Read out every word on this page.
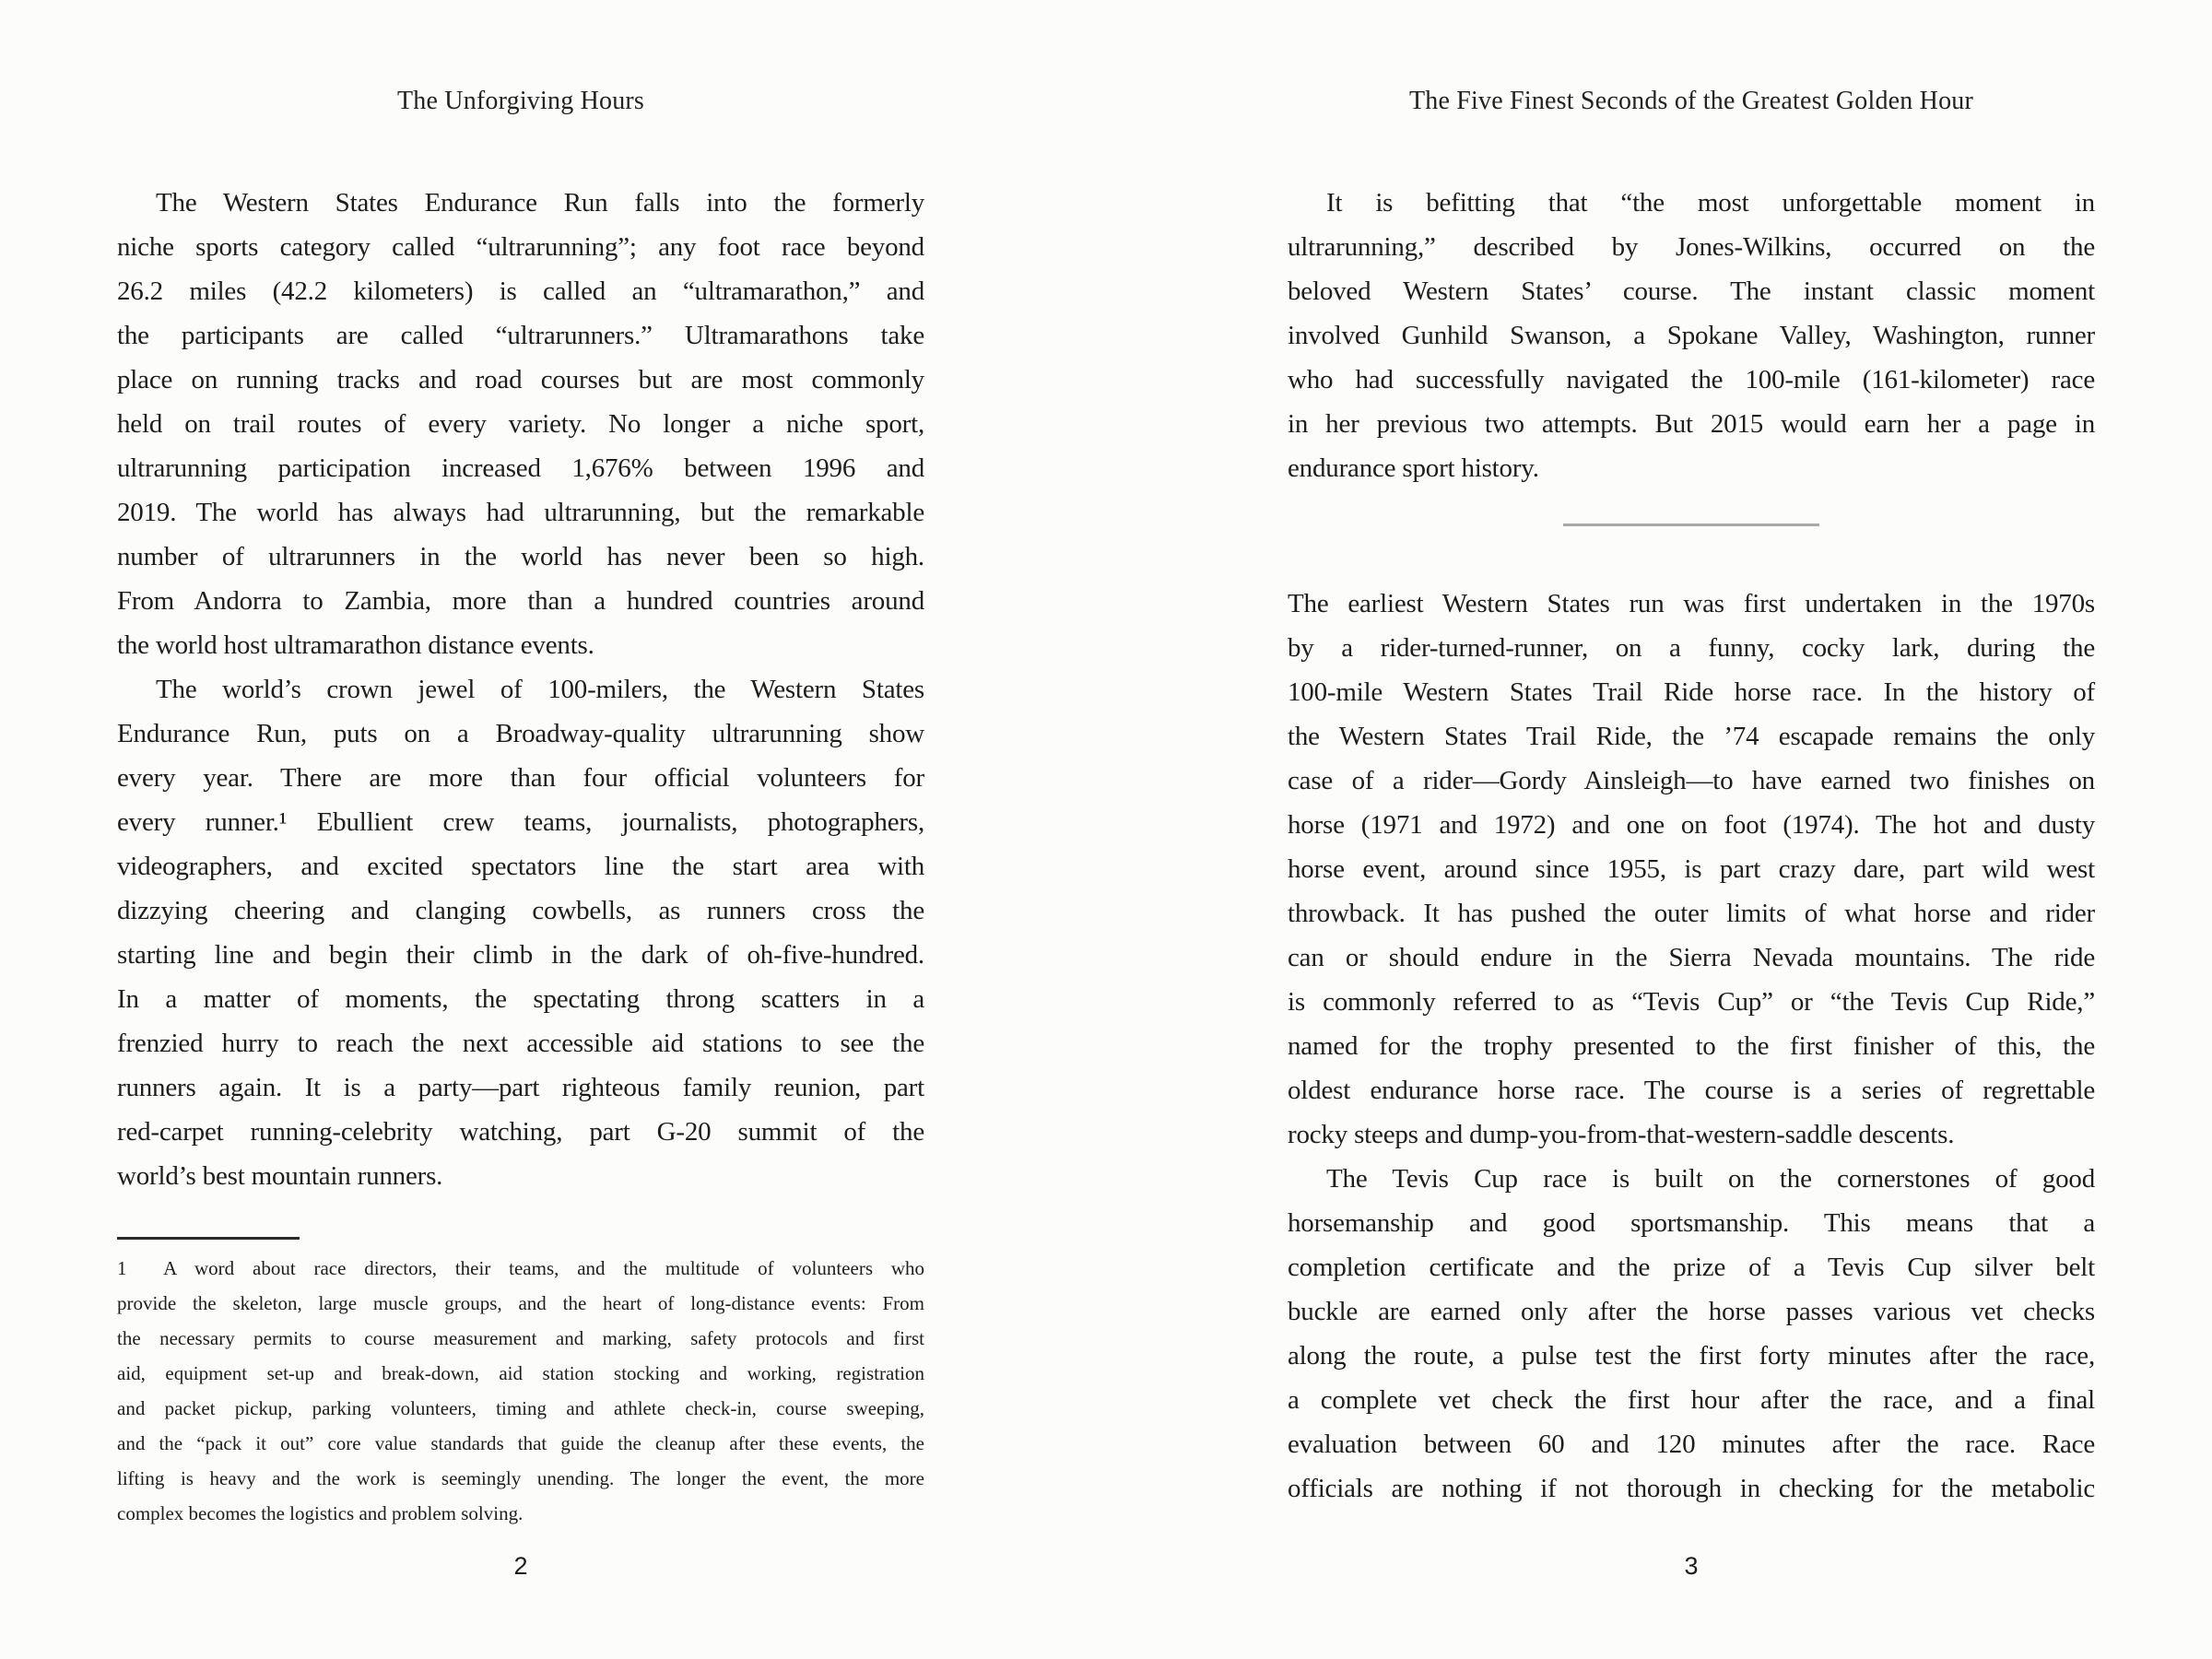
The Unforgiving Hours
The Western States Endurance Run falls into the formerly
niche sports category called “ultrarunning”; any foot race beyond
26.2 miles (42.2 kilometers) is called an “ultramarathon,” and
the participants are called “ultrarunners.” Ultramarathons take
place on running tracks and road courses but are most commonly
held on trail routes of every variety. No longer a niche sport,
ultrarunning participation increased 1,676% between 1996 and
2019. The world has always had ultrarunning, but the remarkable
number of ultrarunners in the world has never been so high.
From Andorra to Zambia, more than a hundred countries around
the world host ultramarathon distance events.
The world’s crown jewel of 100-milers, the Western States
Endurance Run, puts on a Broadway-quality ultrarunning show
every year. There are more than four official volunteers for
every runner.¹ Ebullient crew teams, journalists, photographers,
videographers, and excited spectators line the start area with
dizzying cheering and clanging cowbells, as runners cross the
starting line and begin their climb in the dark of oh-five-hundred.
In a matter of moments, the spectating throng scatters in a
frenzied hurry to reach the next accessible aid stations to see the
runners again. It is a party—part righteous family reunion, part
red-carpet running-celebrity watching, part G-20 summit of the
world’s best mountain runners.
1  A word about race directors, their teams, and the multitude of volunteers who
provide the skeleton, large muscle groups, and the heart of long-distance events: From
the necessary permits to course measurement and marking, safety protocols and first
aid, equipment set-up and break-down, aid station stocking and working, registration
and packet pickup, parking volunteers, timing and athlete check-in, course sweeping,
and the “pack it out” core value standards that guide the cleanup after these events, the
lifting is heavy and the work is seemingly unending. The longer the event, the more
complex becomes the logistics and problem solving.
2
The Five Finest Seconds of the Greatest Golden Hour
It is befitting that “the most unforgettable moment in
ultrarunning,” described by Jones-Wilkins, occurred on the
beloved Western States’ course. The instant classic moment
involved Gunhild Swanson, a Spokane Valley, Washington, runner
who had successfully navigated the 100-mile (161-kilometer) race
in her previous two attempts. But 2015 would earn her a page in
endurance sport history.
The earliest Western States run was first undertaken in the 1970s
by a rider-turned-runner, on a funny, cocky lark, during the
100-mile Western States Trail Ride horse race. In the history of
the Western States Trail Ride, the ’74 escapade remains the only
case of a rider—Gordy Ainsleigh—to have earned two finishes on
horse (1971 and 1972) and one on foot (1974). The hot and dusty
horse event, around since 1955, is part crazy dare, part wild west
throwback. It has pushed the outer limits of what horse and rider
can or should endure in the Sierra Nevada mountains. The ride
is commonly referred to as “Tevis Cup” or “the Tevis Cup Ride,”
named for the trophy presented to the first finisher of this, the
oldest endurance horse race. The course is a series of regrettable
rocky steeps and dump-you-from-that-western-saddle descents.
The Tevis Cup race is built on the cornerstones of good
horsemanship and good sportsmanship. This means that a
completion certificate and the prize of a Tevis Cup silver belt
buckle are earned only after the horse passes various vet checks
along the route, a pulse test the first forty minutes after the race,
a complete vet check the first hour after the race, and a final
evaluation between 60 and 120 minutes after the race. Race
officials are nothing if not thorough in checking for the metabolic
3
